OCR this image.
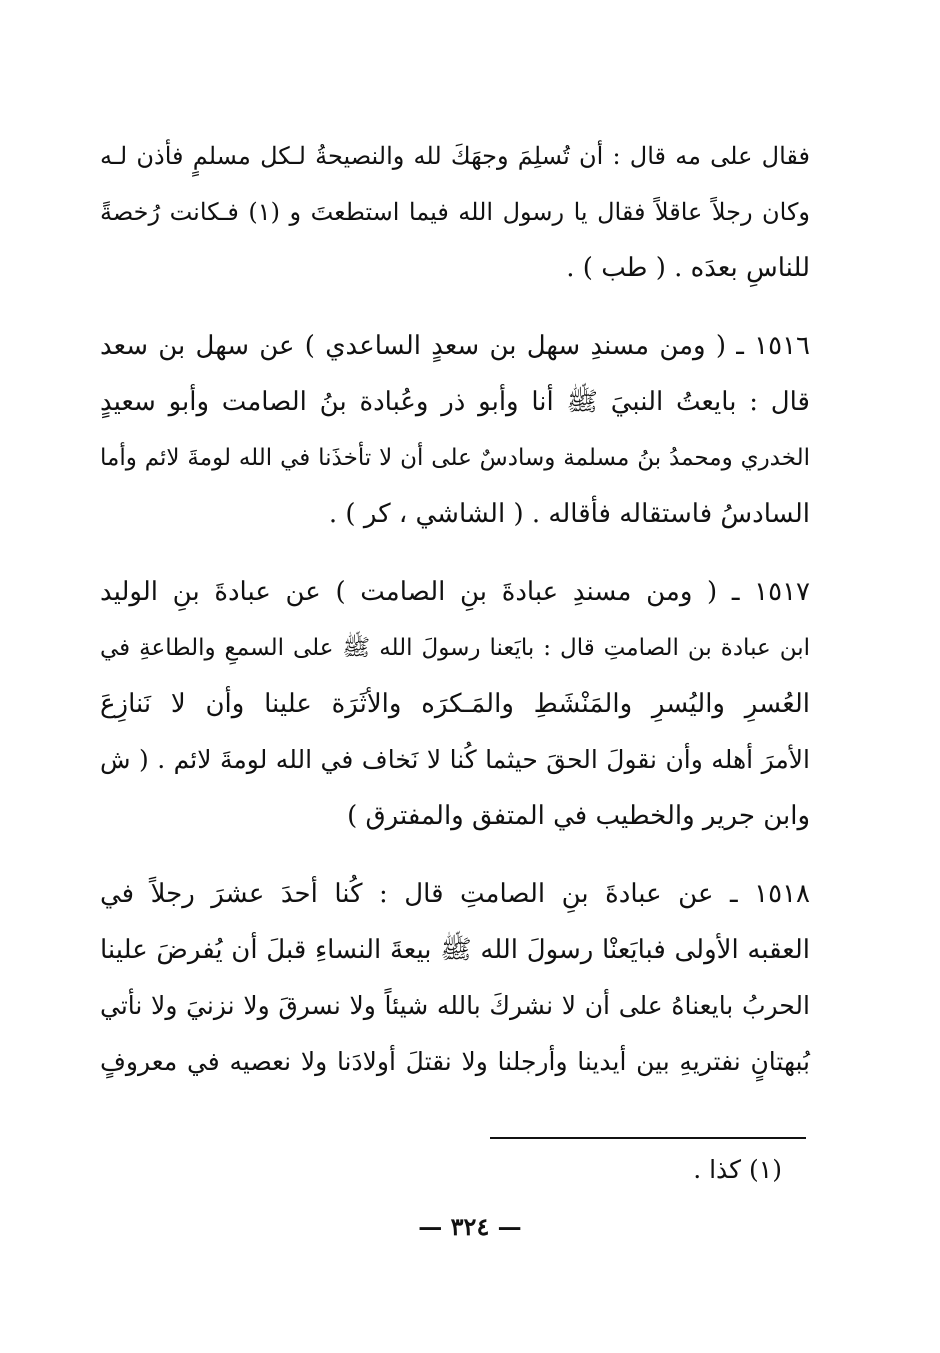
فقال على مه قال : أن تُسلِمَ وجهَكَ لله والنصيحةُ لـكل مسلمٍ فأذن لـه
وكان رجلاً عاقلاً فقال يا رسول الله فيما استطعتَ و (١) فـكانت رُخصةً
للناسِ بعدَه . ( طب ) .
١٥١٦ ـ ( ومن مسندِ سهل بن سعدٍ الساعدي ) عن سهل بن سعد
قال : بايعتُ النبيَ ﷺ أنا وأبو ذر وعُبادة بنُ الصامت وأبو سعيدٍ
الخدري ومحمدُ بنُ مسلمة وسادسٌ على أن لا تأخذَنا في الله لومةَ لائم وأما
السادسُ فاستقاله فأقاله . ( الشاشي ، كر ) .
١٥١٧ ـ ( ومن مسندِ عبادةَ بنِ الصامت ) عن عبادةَ بنِ الوليد
ابن عبادة بن الصامتِ قال : بايَعنا رسولَ الله ﷺ على السمعِ والطاعةِ في
العُسرِ واليُسرِ والمَنْشَطِ والمَـكرَه والأثَرَة علينا وأن لا نَنازِعَ
الأمرَ أهله وأن نقولَ الحقَ حيثما كُنا لا نَخاف في الله لومةَ لائم . ( ش
وابن جرير والخطيب في المتفق والمفترق )
١٥١٨ ـ عن عبادةَ بنِ الصامتِ قال : كُنا أحدَ عشرَ رجلاً في
العقبه الأولى فبايَعنْا رسولَ الله ﷺ بيعةَ النساءِ قبلَ أن يُفرضَ علينا
الحربُ بايعناهُ على أن لا نشركَ بالله شيئاً ولا نسرقَ ولا نزنيَ ولا نأتي
بُبهتانٍ نفتريهِ بين أيدينا وأرجلنا ولا نقتلَ أولادَنا ولا نعصيه في معروفٍ
(١) كذا .
— ٣٢٤ —
